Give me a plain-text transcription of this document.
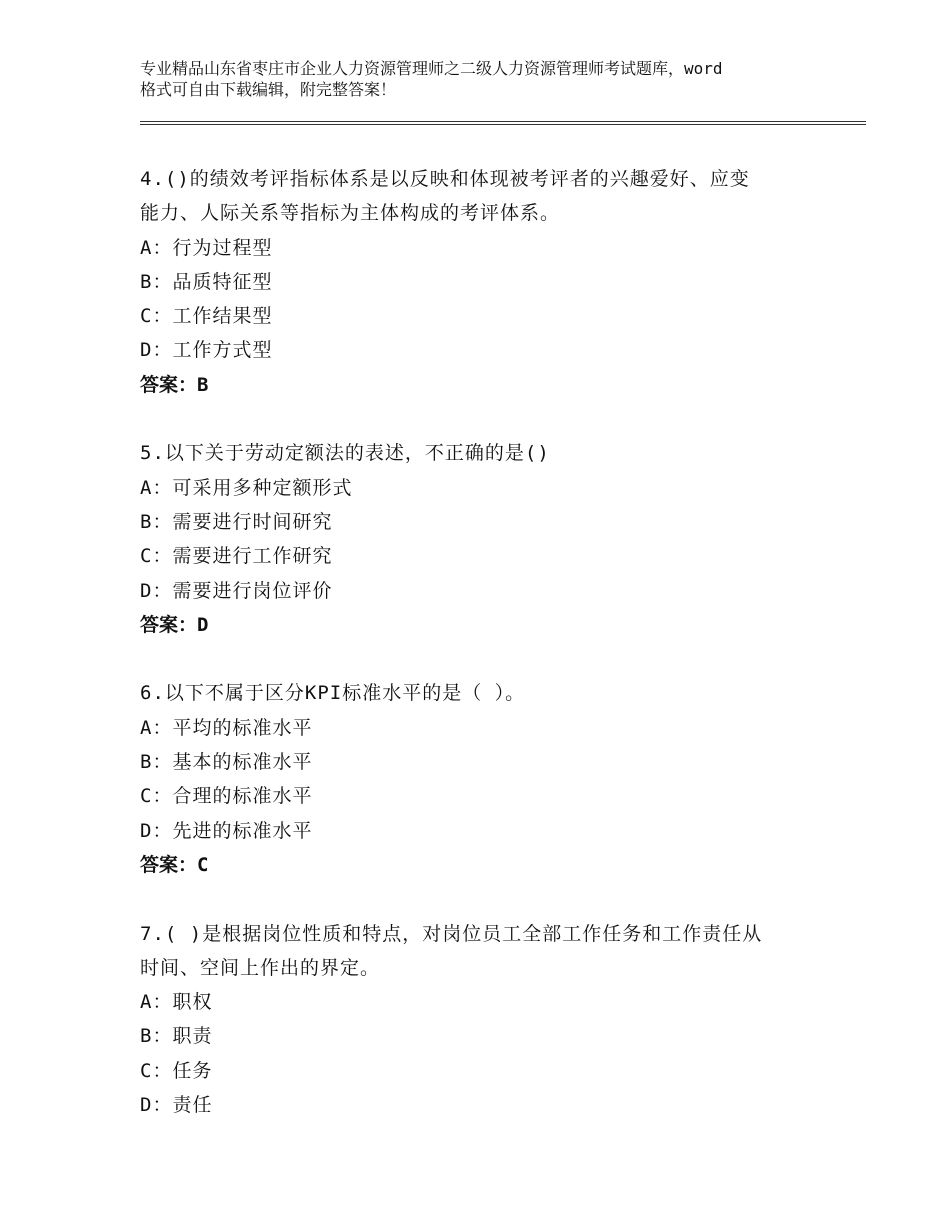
专业精品山东省枣庄市企业人力资源管理师之二级人力资源管理师考试题库，word
格式可自由下载编辑，附完整答案！
4.()的绩效考评指标体系是以反映和体现被考评者的兴趣爱好、应变
能力、人际关系等指标为主体构成的考评体系。
A：行为过程型
B：品质特征型
C：工作结果型
D：工作方式型
答案：B
5.以下关于劳动定额法的表述，不正确的是()
A：可采用多种定额形式
B：需要进行时间研究
C：需要进行工作研究
D：需要进行岗位评价
答案：D
6.以下不属于区分KPI标准水平的是（ ）。
A：平均的标准水平
B：基本的标准水平
C：合理的标准水平
D：先进的标准水平
答案：C
7.( )是根据岗位性质和特点，对岗位员工全部工作任务和工作责任从
时间、空间上作出的界定。
A：职权
B：职责
C：任务
D：责任
